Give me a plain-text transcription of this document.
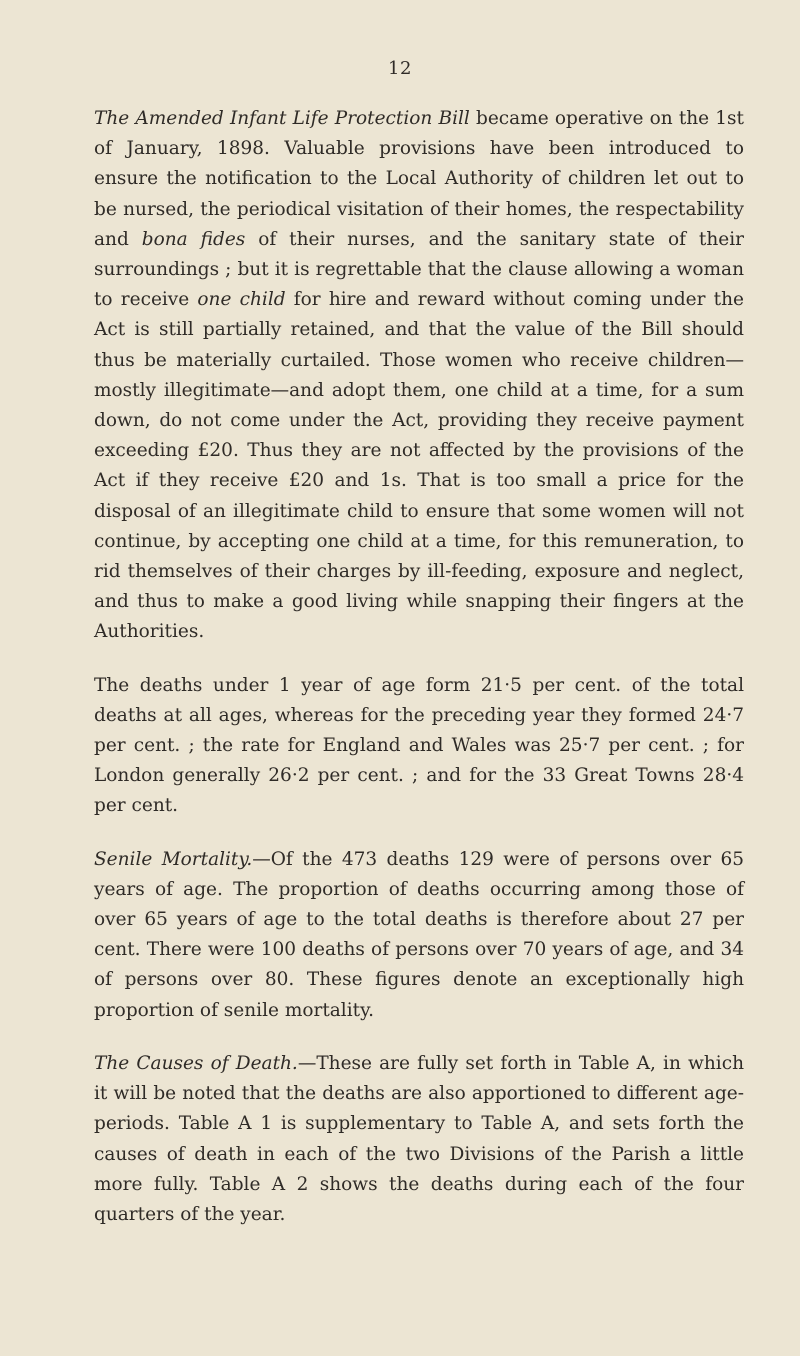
12

The Amended Infant Life Protection Bill became operative on the 1st of January, 1898. Valuable provisions have been introduced to ensure the notification to the Local Authority of children let out to be nursed, the periodical visitation of their homes, the respectability and bona fides of their nurses, and the sanitary state of their surroundings ; but it is regrettable that the clause allowing a woman to receive one child for hire and reward without coming under the Act is still partially retained, and that the value of the Bill should thus be materially curtailed. Those women who receive children— mostly illegitimate—and adopt them, one child at a time, for a sum down, do not come under the Act, providing they receive payment exceeding £20. Thus they are not affected by the provisions of the Act if they receive £20 and 1s. That is too small a price for the disposal of an illegitimate child to ensure that some women will not continue, by accepting one child at a time, for this remuneration, to rid themselves of their charges by ill-feeding, exposure and neglect, and thus to make a good living while snapping their fingers at the Authorities.

The deaths under 1 year of age form 21·5 per cent. of the total deaths at all ages, whereas for the preceding year they formed 24·7 per cent. ; the rate for England and Wales was 25·7 per cent. ; for London generally 26·2 per cent. ; and for the 33 Great Towns 28·4 per cent.

Senile Mortality.—Of the 473 deaths 129 were of persons over 65 years of age. The proportion of deaths occurring among those of over 65 years of age to the total deaths is therefore about 27 per cent. There were 100 deaths of persons over 70 years of age, and 34 of persons over 80. These figures denote an exceptionally high proportion of senile mortality.

The Causes of Death.—These are fully set forth in Table A, in which it will be noted that the deaths are also apportioned to different age-periods. Table A 1 is supplementary to Table A, and sets forth the causes of death in each of the two Divisions of the Parish a little more fully. Table A 2 shows the deaths during each of the four quarters of the year.
